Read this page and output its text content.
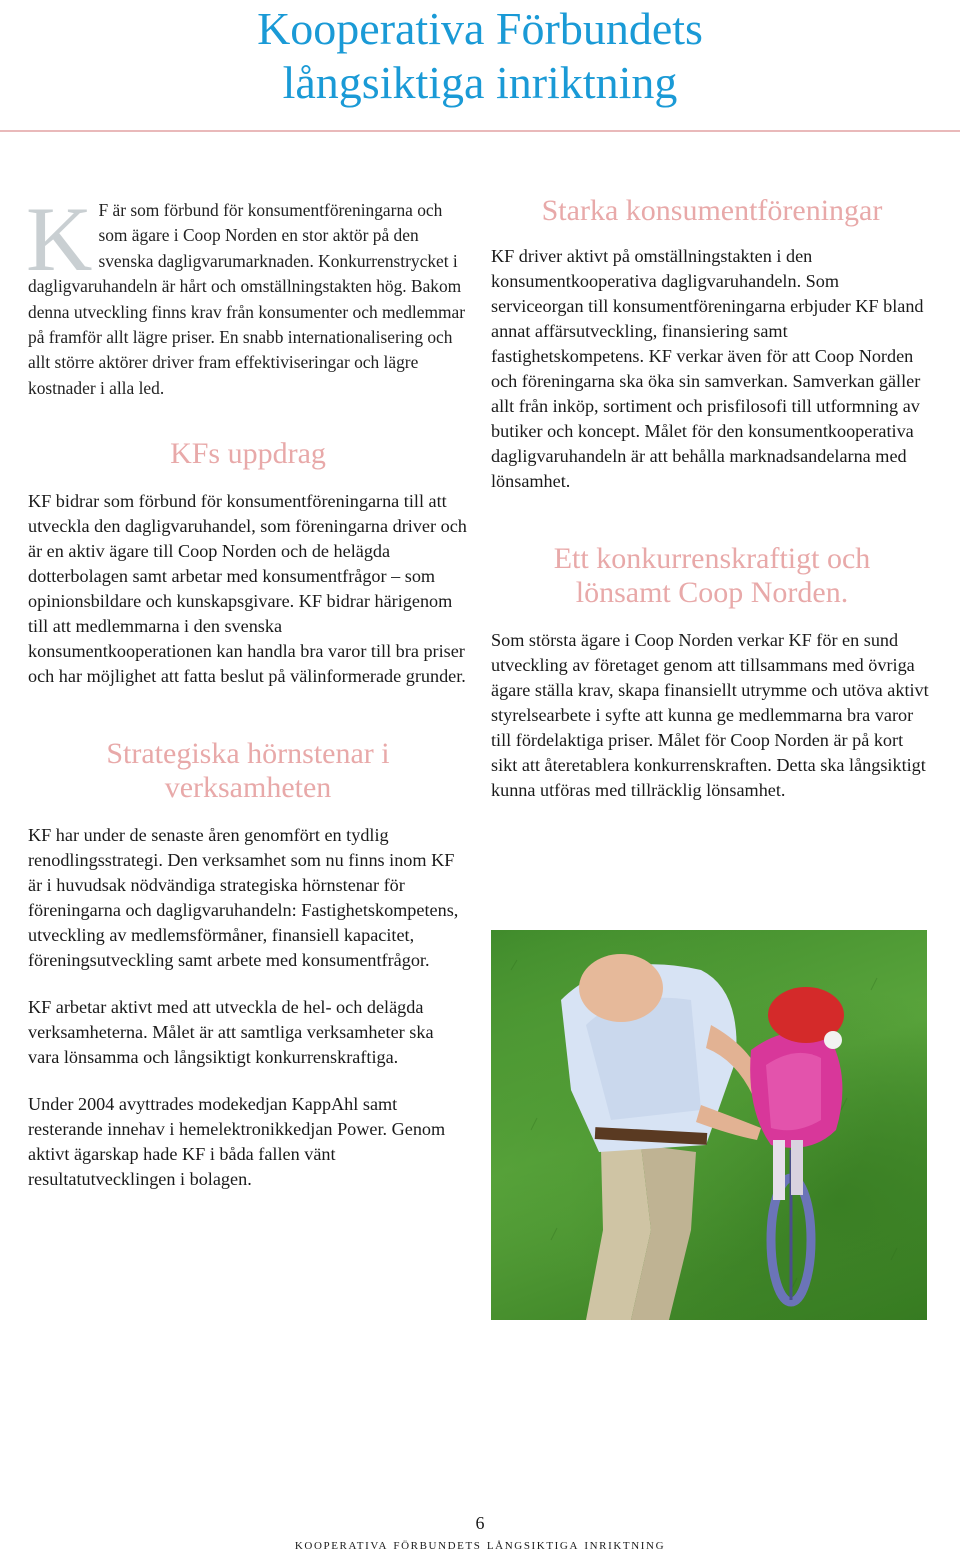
Kooperativa Förbundets
långsiktiga inriktning

K F är som förbund för konsumentföreningarna och som ägare i Coop Norden en stor aktör på den svenska dagligvarumarknaden. Konkurrenstrycket i dagligvaruhandeln är hårt och omställningstakten hög. Bakom denna utveckling finns krav från konsumenter och medlemmar på framför allt lägre priser. En snabb internationalisering och allt större aktörer driver fram effektiviseringar och lägre kostnader i alla led.

KFs uppdrag

KF bidrar som förbund för konsumentföreningarna till att utveckla den dagligvaruhandel, som föreningarna driver och är en aktiv ägare till Coop Norden och de helägda dotterbolagen samt arbetar med konsumentfrågor – som opinionsbildare och kunskapsgivare. KF bidrar härigenom till att medlemmarna i den svenska konsumentkooperationen kan handla bra varor till bra priser och har möjlighet att fatta beslut på välinformerade grunder.

Strategiska hörnstenar i
verksamheten

KF har under de senaste åren genomfört en tydlig renodlingsstrategi. Den verksamhet som nu finns inom KF är i huvudsak nödvändiga strategiska hörnstenar för föreningarna och dagligvaruhandeln: Fastighetskompetens, utveckling av medlemsförmåner, finansiell kapacitet, föreningsutveckling samt arbete med konsumentfrågor.

KF arbetar aktivt med att utveckla de hel- och delägda verksamheterna. Målet är att samtliga verksamheter ska vara lönsamma och långsiktigt konkurrenskraftiga.

Under 2004 avyttrades modekedjan KappAhl samt resterande innehav i hemelektronikkedjan Power. Genom aktivt ägarskap hade KF i båda fallen vänt resultatutvecklingen i bolagen.

Starka konsumentföreningar

KF driver aktivt på omställningstakten i den konsumentkooperativa dagligvaruhandeln. Som serviceorgan till konsumentföreningarna erbjuder KF bland annat affärsutveckling, finansiering samt fastighetskompetens. KF verkar även för att Coop Norden och föreningarna ska öka sin samverkan. Samverkan gäller allt från inköp, sortiment och prisfilosofi till utformning av butiker och koncept. Målet för den konsumentkooperativa dagligvaruhandeln är att behålla marknadsandelarna med lönsamhet.

Ett konkurrenskraftigt och
lönsamt Coop Norden.

Som största ägare i Coop Norden verkar KF för en sund utveckling av företaget genom att tillsammans med övriga ägare ställa krav, skapa finansiellt utrymme och utöva aktivt styrelsearbete i syfte att kunna ge medlemmarna bra varor till fördelaktiga priser. Målet för Coop Norden är på kort sikt att återetablera konkurrenskraften. Detta ska långsiktigt kunna utföras med tillräcklig lönsamhet.

6
kooperativa förbundets långsiktiga inriktning
